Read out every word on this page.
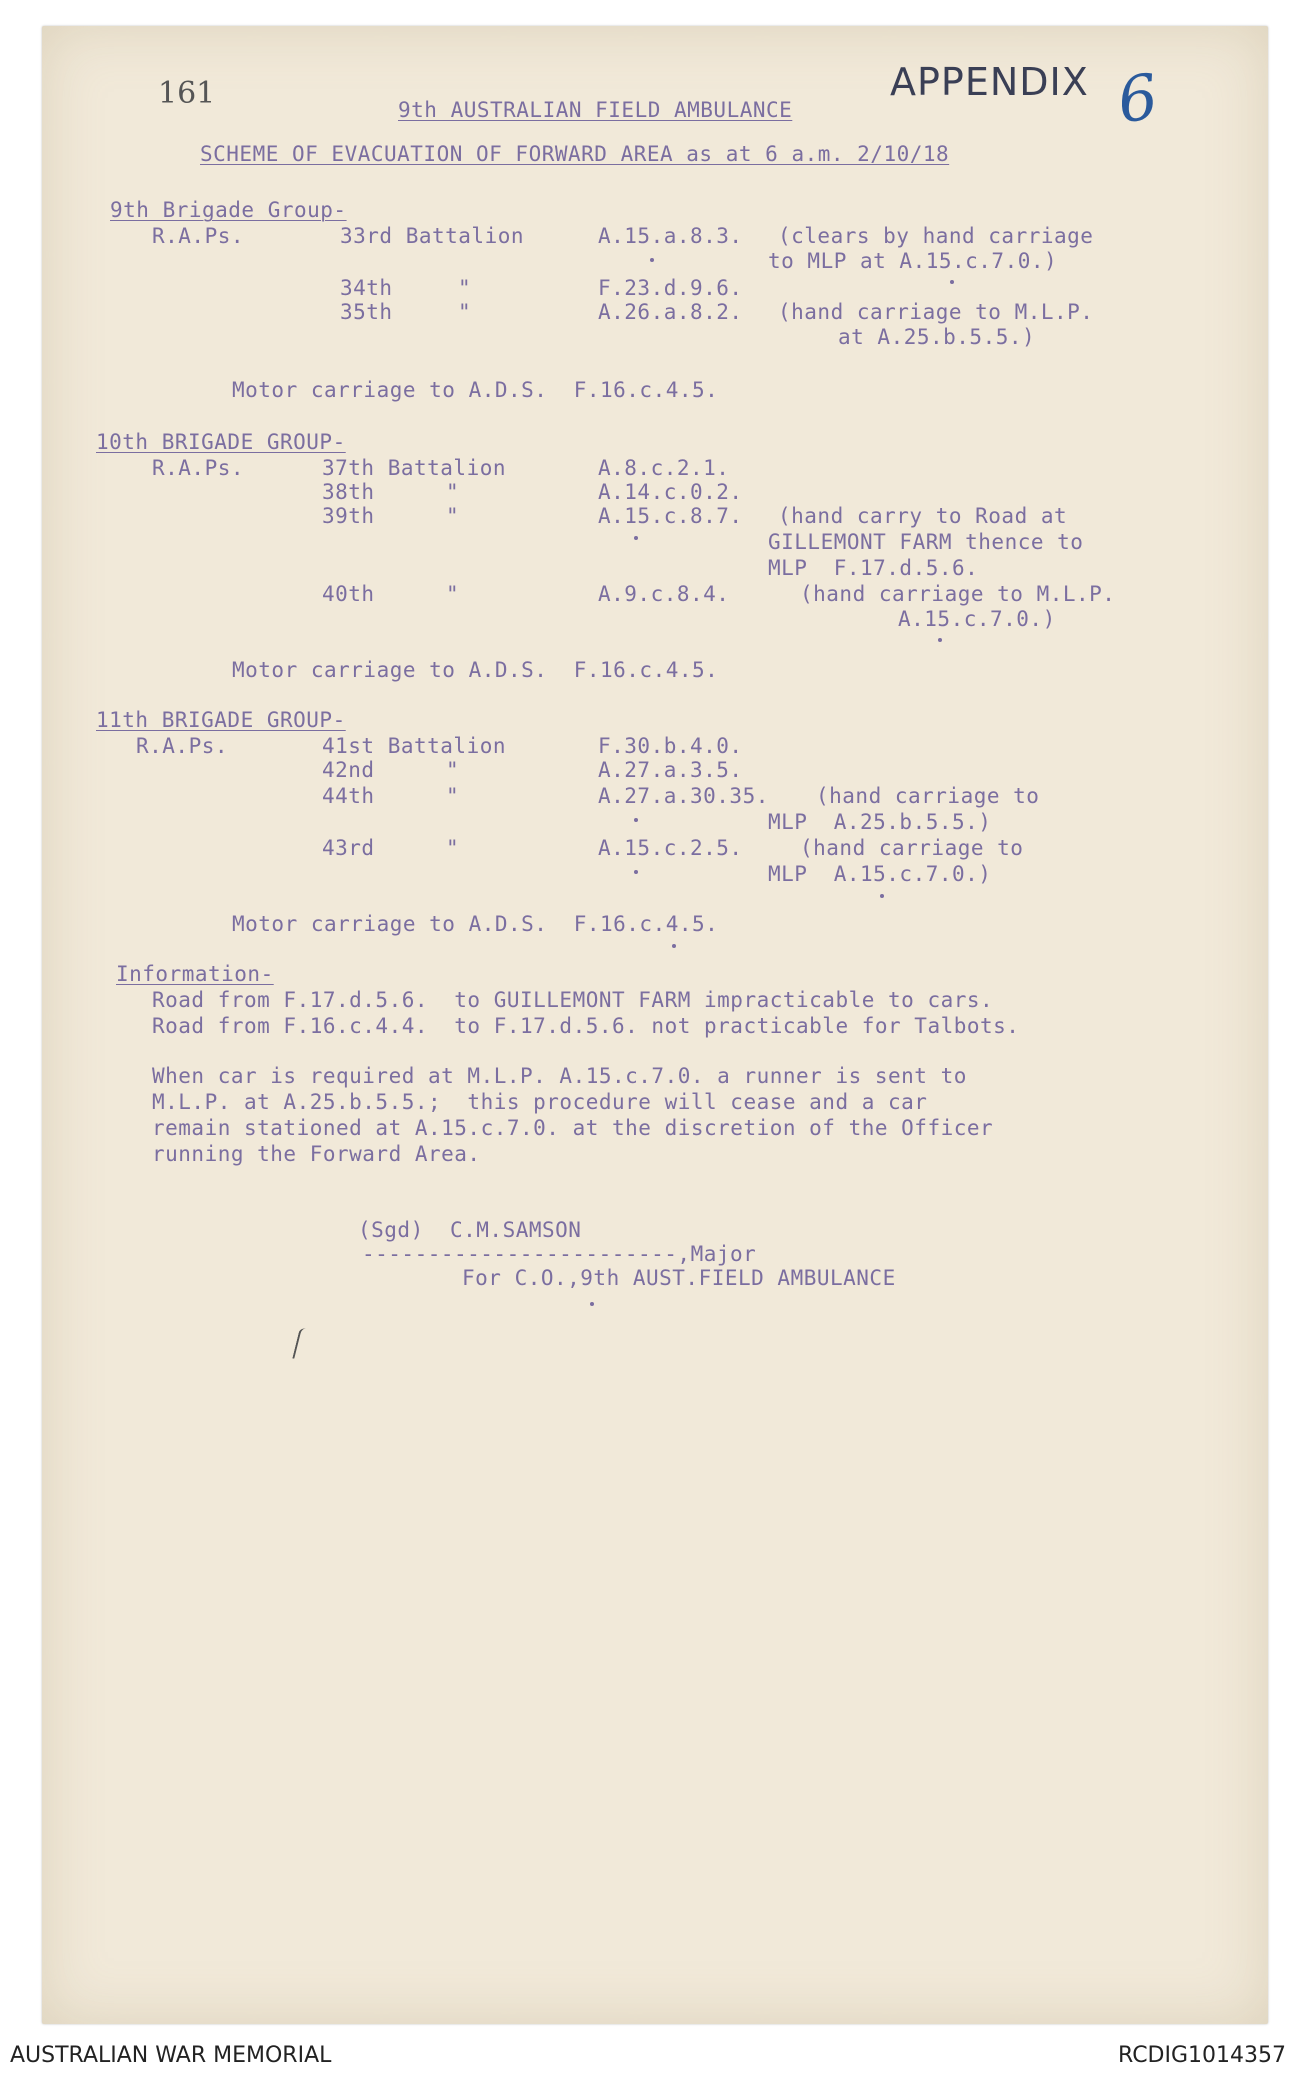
161	APPENDIX 6
9th AUSTRALIAN FIELD AMBULANCE
SCHEME OF EVACUATION OF FORWARD AREA as at 6 a.m. 2/10/18
9th Brigade Group-
R.A.Ps.	33rd Battalion	A.15.a.8.3. (clears by hand carriage
to MLP at A.15.c.7.0.)
34th	"	F.23.d.9.6.
35th	"	A.26.a.8.2. (hand carriage to M.L.P.
at A.25.b.5.5.)
Motor carriage to A.D.S.  F.16.c.4.5.
10th BRIGADE GROUP-
R.A.Ps.	37th Battalion	A.8.c.2.1.
38th	"	A.14.c.0.2.
39th	"	A.15.c.8.7. (hand carry to Road at
GILLEMONT FARM thence to
MLP  F.17.d.5.6.
40th	"	A.9.c.8.4.	(hand carriage to M.L.P.
A.15.c.7.0.)
Motor carriage to A.D.S.  F.16.c.4.5.
11th BRIGADE GROUP-
R.A.Ps.	41st Battalion	F.30.b.4.0.
42nd	"	A.27.a.3.5.
44th	"	A.27.a.30.35. (hand carriage to
MLP  A.25.b.5.5.)
43rd	"	A.15.c.2.5.	(hand carriage to
MLP  A.15.c.7.0.)
Motor carriage to A.D.S.  F.16.c.4.5.
Information-
Road from F.17.d.5.6.  to GUILLEMONT FARM impracticable to cars.
Road from F.16.c.4.4.  to F.17.d.5.6. not practicable for Talbots.
When car is required at M.L.P. A.15.c.7.0. a runner is sent to
M.L.P. at A.25.b.5.5.;  this procedure will cease and a car
remain stationed at A.15.c.7.0. at the discretion of the Officer
running the Forward Area.
(Sgd)  C.M.SAMSON
------------------------,Major
For C.O.,9th AUST.FIELD AMBULANCE
AUSTRALIAN WAR MEMORIAL	RCDIG1014357
